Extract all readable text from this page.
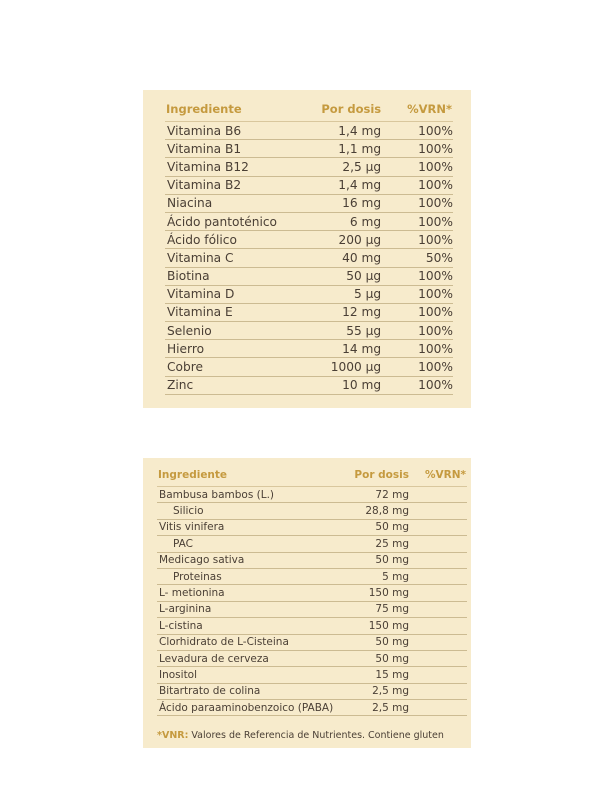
Ingrediente	Por dosis	%VRN*
Vitamina B6	1,4 mg	100%
Vitamina B1	1,1 mg	100%
Vitamina B12	2,5 µg	100%
Vitamina B2	1,4 mg	100%
Niacina	16 mg	100%
Ácido pantoténico	6 mg	100%
Ácido fólico	200 µg	100%
Vitamina C	40 mg	50%
Biotina	50 µg	100%
Vitamina D	5 µg	100%
Vitamina E	12 mg	100%
Selenio	55 µg	100%
Hierro	14 mg	100%
Cobre	1000 µg	100%
Zinc	10 mg	100%
Ingrediente	Por dosis	%VRN*
Bambusa bambos (L.)	72 mg	
Silicio	28,8 mg	
Vitis vinifera	50 mg	
PAC	25 mg	
Medicago sativa	50 mg	
Proteinas	5 mg	
L- metionina	150 mg	
L-arginina	75 mg	
L-cistina	150 mg	
Clorhidrato de L-Cisteina	50 mg	
Levadura de cerveza	50 mg	
Inositol	15 mg	
Bitartrato de colina	2,5 mg	
Ácido paraaminobenzoico (PABA)	2,5 mg	
*VNR: Valores de Referencia de Nutrientes. Contiene gluten
